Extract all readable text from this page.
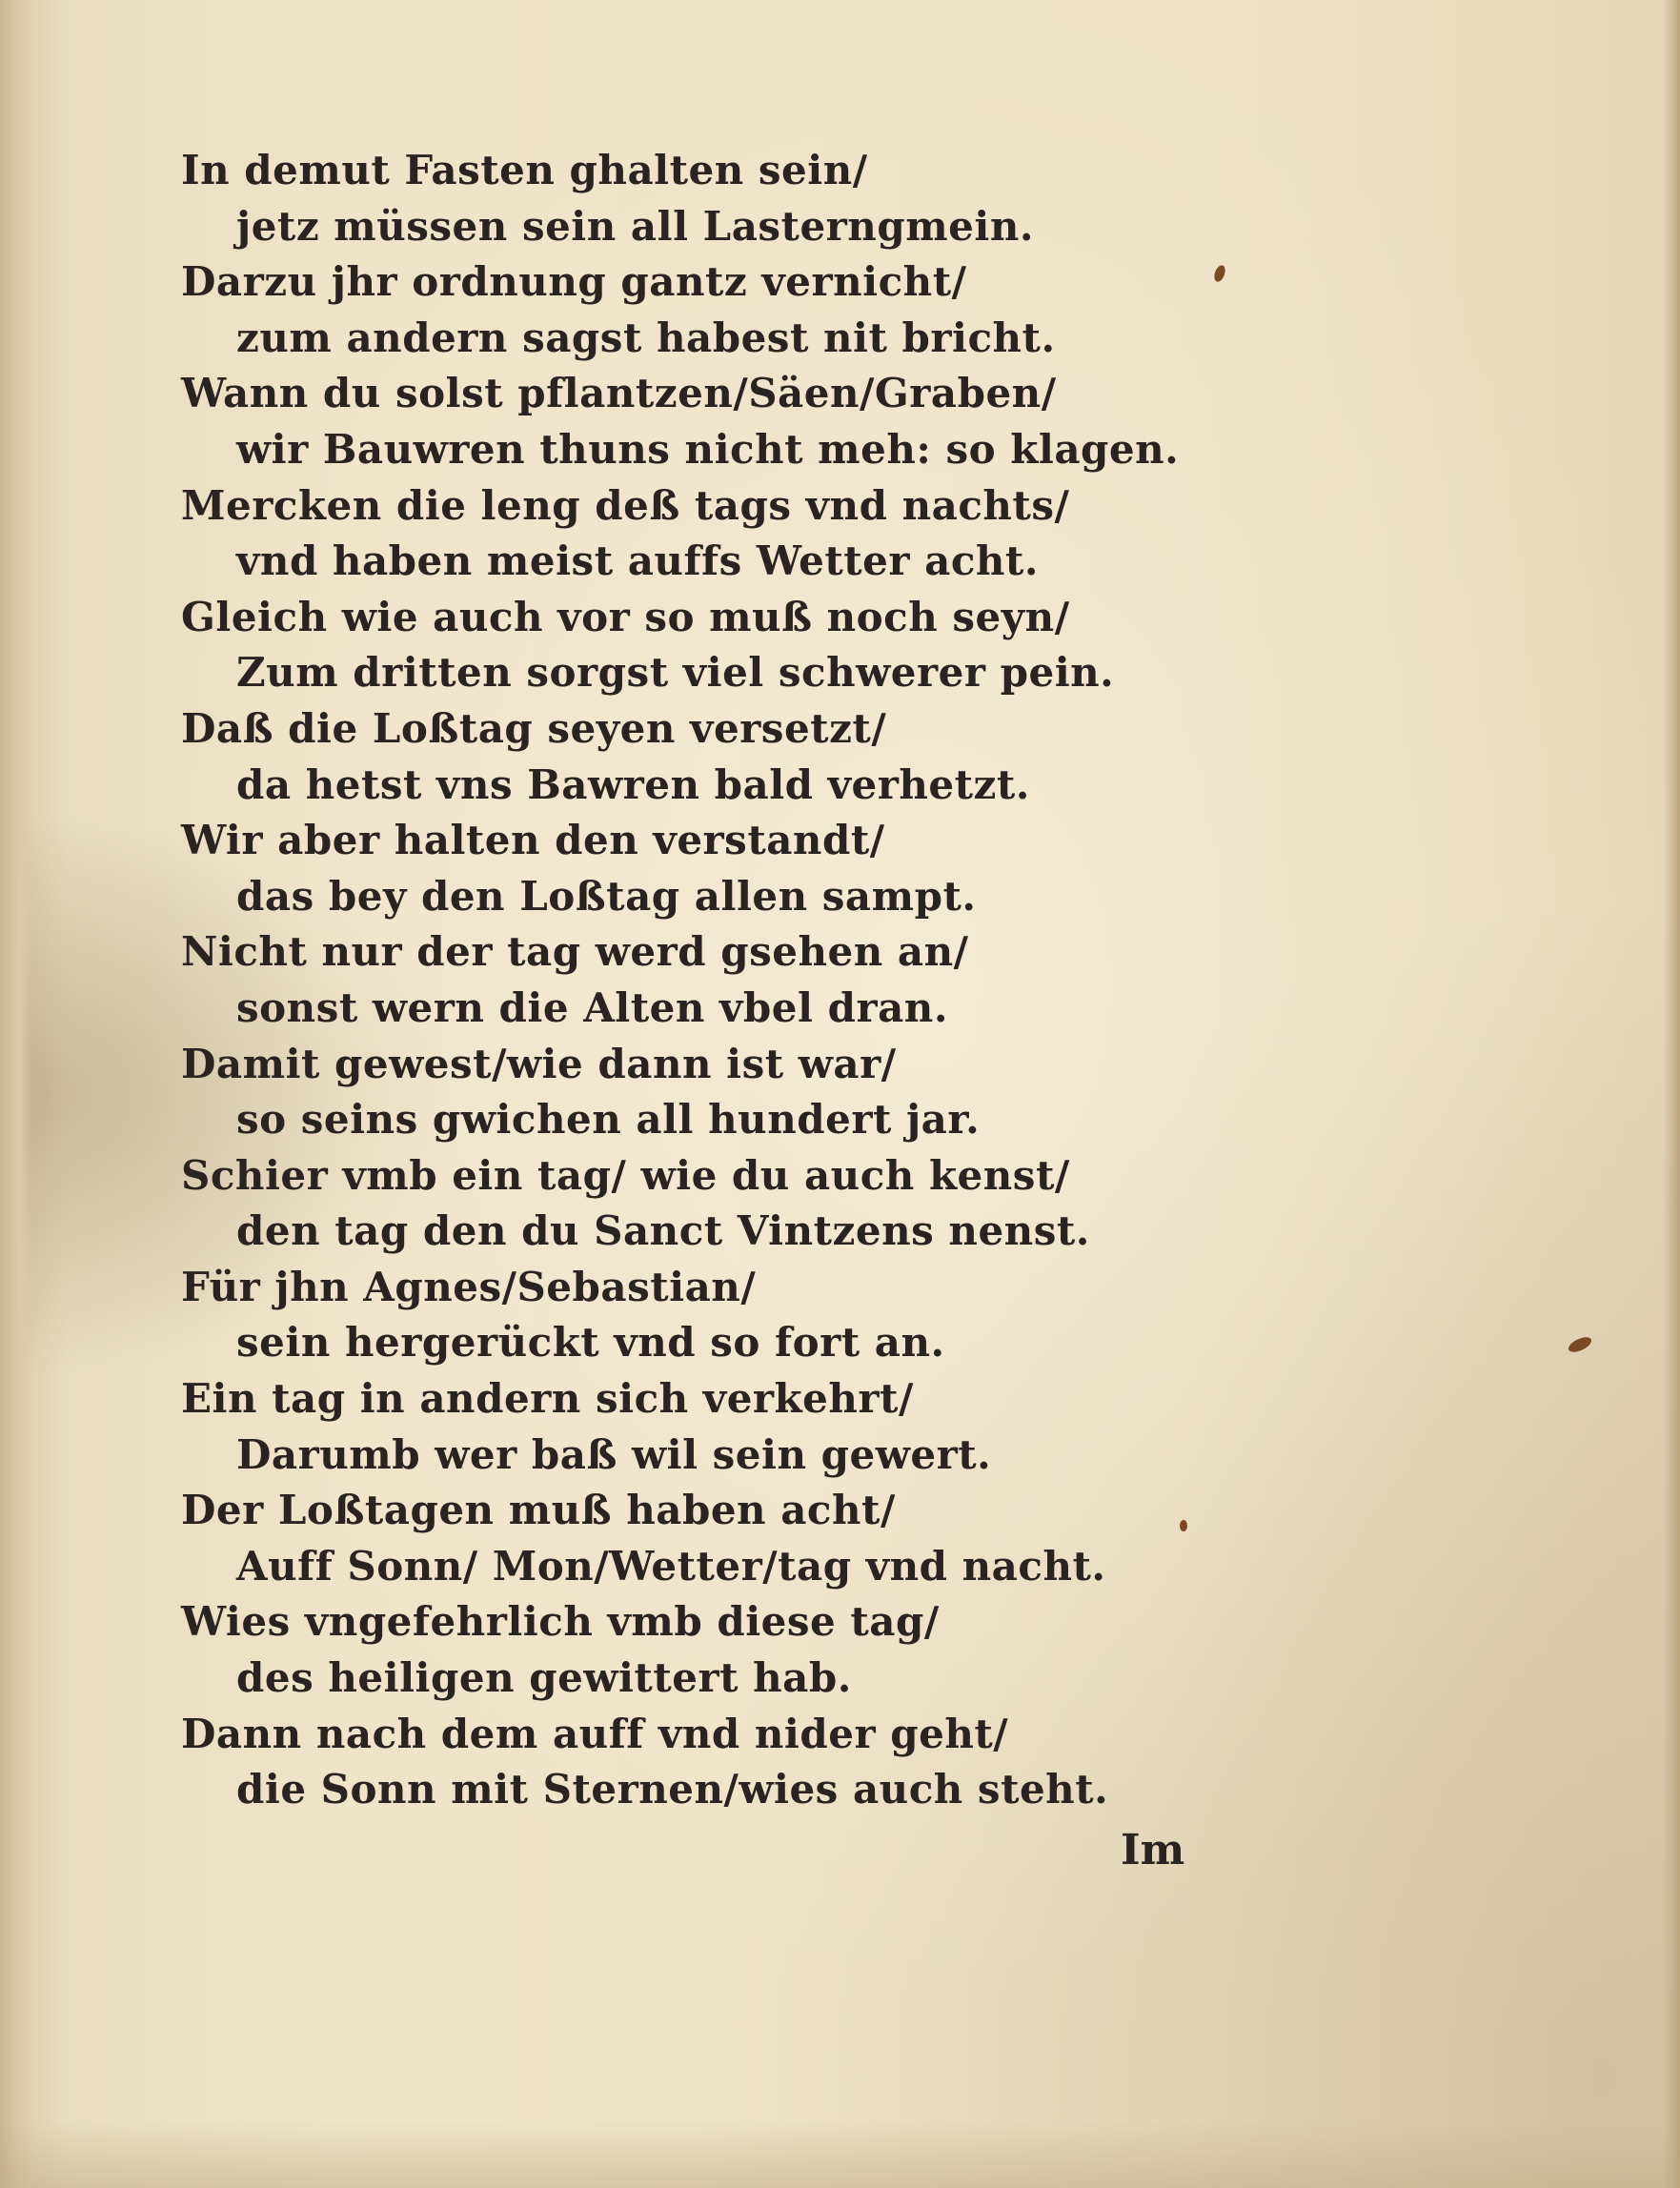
In demut Fasten ghalten sein/
jetz müssen sein all Lasterngmein.
Darzu jhr ordnung gantz vernicht/
zum andern sagst habest nit bricht.
Wann du solst pflantzen/Säen/Graben/
wir Bauwren thuns nicht meh: so klagen.
Mercken die leng deß tags vnd nachts/
vnd haben meist auffs Wetter acht.
Gleich wie auch vor so muß noch seyn/
Zum dritten sorgst viel schwerer pein.
Daß die Loßtag seyen versetzt/
da hetst vns Bawren bald verhetzt.
Wir aber halten den verstandt/
das bey den Loßtag allen sampt.
Nicht nur der tag werd gsehen an/
sonst wern die Alten vbel dran.
Damit gewest/wie dann ist war/
so seins gwichen all hundert jar.
Schier vmb ein tag/ wie du auch kenst/
den tag den du Sanct Vintzens nenst.
Für jhn Agnes/Sebastian/
sein hergerückt vnd so fort an.
Ein tag in andern sich verkehrt/
Darumb wer baß wil sein gewert.
Der Loßtagen muß haben acht/
Auff Sonn/ Mon/Wetter/tag vnd nacht.
Wies vngefehrlich vmb diese tag/
des heiligen gewittert hab.
Dann nach dem auff vnd nider geht/
die Sonn mit Sternen/wies auch steht.
Im
